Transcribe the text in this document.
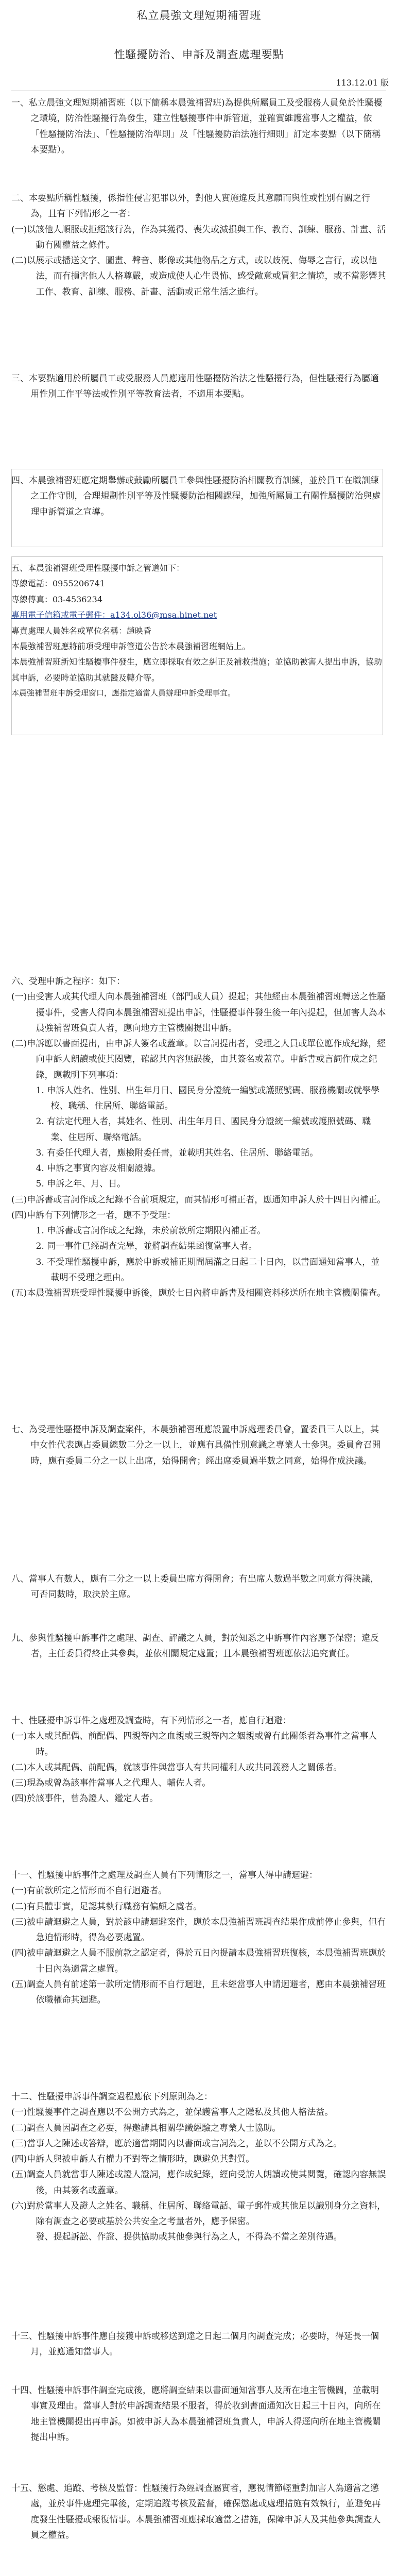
私立晨強文理短期補習班
性騷擾防治、申訴及調查處理要點
113.12.01 版

一、私立晨強文理短期補習班（以下簡稱本晨強補習班)為提供所屬員工及受服務人員免於性騷擾之環境，防治性騷擾行為發生，建立性騷擾事件申訴管道，並確實維護當事人之權益，依「性騷擾防治法」、「性騷擾防治準則」及「性騷擾防治法施行細則」訂定本要點（以下簡稱本要點）。

二、本要點所稱性騷擾，係指性侵害犯罪以外，對他人實施違反其意願而與性或性別有關之行為，且有下列情形之一者：

(一)以該他人順服或拒絕該行為，作為其獲得、喪失或減損與工作、教育、訓練、服務、計畫、活動有關權益之條件。

(二)以展示或播送文字、圖畫、聲音、影像或其他物品之方式，或以歧視、侮辱之言行，或以他法，而有損害他人人格尊嚴，或造成使人心生畏怖、感受敵意或冒犯之情境，或不當影響其工作、教育、訓練、服務、計畫、活動或正常生活之進行。

三、本要點適用於所屬員工或受服務人員應適用性騷擾防治法之性騷擾行為，但性騷擾行為屬適用性別工作平等法或性別平等教育法者，不適用本要點。

四、本晨強補習班應定期舉辦或鼓勵所屬員工參與性騷擾防治相關教育訓練，並於員工在職訓練之工作守則，合理規劃性別平等及性騷擾防治相關課程，加強所屬員工有關性騷擾防治與處理申訴管道之宣導。

五、本晨強補習班受理性騷擾申訴之管道如下：
專線電話：0955206741
專線傳真：03-4536234
專用電子信箱或電子郵件：a134.ol36@msa.hinet.net
專責處理人員姓名或單位名稱：趙映昏
本晨強補習班應將前項受理申訴管道公告於本晨強補習班網站上。
本晨強補習班新知性騷擾事件發生，應立即採取有效之糾正及補救措施；並協助被害人提出申訴，協助其申訴，必要時並協助其就醫及轉介等。
本晨強補習班申訴受理窗口，應指定適當人員辦理申訴受理事宜。

六、受理申訴之程序：如下：

(一)由受害人或其代理人向本晨強補習班（部門或人員）提起；其他經由本晨強補習班轉送之性騷擾事件，受害人得向本晨強補習班提出申訴，性騷擾事件發生後一年內提起，但加害人為本晨強補習班負責人者，應向地方主管機關提出申訴。

(二)申訴應以書面提出，由申訴人簽名或蓋章。以言詞提出者，受理之人員或單位應作成紀錄，經向申訴人朗讀或使其閱覽，確認其內容無誤後，由其簽名或蓋章。申訴書或言詞作成之紀錄，應載明下列事項：

1. 申訴人姓名、性別、出生年月日、國民身分證統一編號或護照號碼、服務機關或就學學校、職稱、住居所、聯絡電話。

2. 有法定代理人者，其姓名、性別、出生年月日、國民身分證統一編號或護照號碼、職業、住居所、聯絡電話。

3. 有委任代理人者，應檢附委任書，並載明其姓名、住居所、聯絡電話。

4. 申訴之事實內容及相關證據。

5. 申訴之年、月、日。

(三)申訴書或言詞作成之紀錄不合前項規定，而其情形可補正者，應通知申訴人於十四日內補正。

(四)申訴有下列情形之一者，應不予受理：

1. 申訴書或言詞作成之紀錄，未於前款所定期限內補正者。

2. 同一事件已經調查完畢，並將調查結果函復當事人者。

3. 不受理性騷擾申訴，應於申訴或補正期間屆滿之日起二十日內，以書面通知當事人，並載明不受理之理由。

(五)本晨強補習班受理性騷擾申訴後，應於七日內將申訴書及相關資料移送所在地主管機關備查。

七、為受理性騷擾申訴及調查案件，本晨強補習班應設置申訴處理委員會，置委員三人以上，其中女性代表應占委員總數二分之一以上，並應有具備性別意識之專業人士參與。委員會召開時，應有委員二分之一以上出席，始得開會；經出席委員過半數之同意，始得作成決議。

八、當事人有數人，應有二分之一以上委員出席方得開會；有出席人數過半數之同意方得決議，可否同數時，取決於主席。

九、參與性騷擾申訴事件之處理、調查、評議之人員，對於知悉之申訴事件內容應予保密；違反者，主任委員得終止其參與，並依相關規定處置；且本晨強補習班應依法追究責任。

十、性騷擾申訴事件之處理及調查時，有下列情形之一者，應自行迴避：

(一)本人或其配偶、前配偶、四親等內之血親或三親等內之姻親或曾有此關係者為事件之當事人時。

(二)本人或其配偶、前配偶，就該事件與當事人有共同權利人或共同義務人之關係者。

(三)現為或曾為該事件當事人之代理人、輔佐人者。

(四)於該事件，曾為證人、鑑定人者。

十一、性騷擾申訴事件之處理及調查人員有下列情形之一，當事人得申請迴避：

(一)有前款所定之情形而不自行迴避者。

(二)有具體事實，足認其執行職務有偏頗之虞者。

(三)被申請迴避之人員，對於該申請迴避案件，應於本晨強補習班調查結果作成前停止參與，但有急迫情形時，得為必要處置。

(四)被申請迴避之人員不服前款之認定者，得於五日內提請本晨強補習班復核，本晨強補習班應於十日內為適當之處置。

(五)調查人員有前述第一款所定情形而不自行迴避，且未經當事人申請迴避者，應由本晨強補習班依職權命其迴避。

十二、性騷擾申訴事件調查過程應依下列原則為之：

(一)性騷擾事件之調查應以不公開方式為之，並保護當事人之隱私及其他人格法益。

(二)調查人員因調查之必要，得邀請具相關學識經驗之專業人士協助。

(三)當事人之陳述或答辯，應於適當期間內以書面或言詞為之，並以不公開方式為之。

(四)申訴人與被申訴人有權力不對等之情形時，應避免其對質。

(五)調查人員就當事人陳述或證人證詞，應作成紀錄，經向受訪人朗讀或使其閱覽，確認內容無誤後，由其簽名或蓋章。

(六)對於當事人及證人之姓名、職稱、住居所、聯絡電話、電子郵件或其他足以識別身分之資料，除有調查之必要或基於公共安全之考量者外，應予保密。

發、提起訴訟、作證、提供協助或其他參與行為之人，不得為不當之差別待遇。

十三、性騷擾申訴事件應自接獲申訴或移送到達之日起二個月內調查完成；必要時，得延長一個月，並應通知當事人。

十四、性騷擾申訴事件調查完成後，應將調查結果以書面通知當事人及所在地主管機關，並載明事實及理由。當事人對於申訴調查結果不服者，得於收到書面通知次日起三十日內，向所在地主管機關提出再申訴。如被申訴人為本晨強補習班負責人，申訴人得逕向所在地主管機關提出申訴。

十五、懲處、追蹤、考核及監督：性騷擾行為經調查屬實者，應視情節輕重對加害人為適當之懲處，並於事件處理完畢後，定期追蹤考核及監督，確保懲處或處理措施有效執行，並避免再度發生性騷擾或報復情事。本晨強補習班應採取適當之措施，保障申訴人及其他參與調查人員之權益。
